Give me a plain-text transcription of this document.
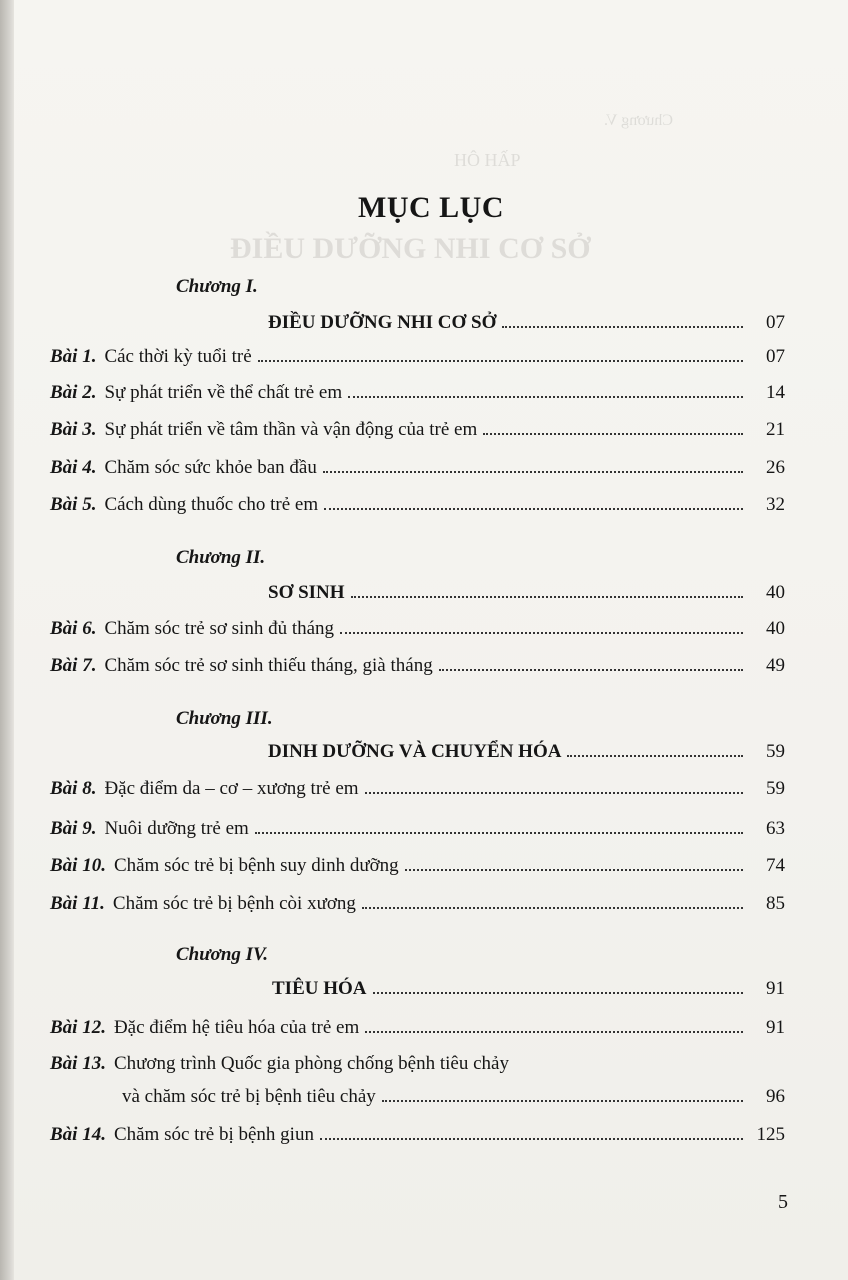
Chương V.
HÔ HẤP
ĐIỀU DƯỠNG NHI CƠ SỞ
MỤC LỤC
Chương I.
ĐIỀU DƯỠNG NHI CƠ SỞ	07
Bài 1. Các thời kỳ tuổi trẻ	07
Bài 2. Sự phát triển về thể chất trẻ em	14
Bài 3. Sự phát triển về tâm thần và vận động của trẻ em	21
Bài 4. Chăm sóc sức khỏe ban đầu	26
Bài 5. Cách dùng thuốc cho trẻ em	32
Chương II.
SƠ SINH	40
Bài 6. Chăm sóc trẻ sơ sinh đủ tháng	40
Bài 7. Chăm sóc trẻ sơ sinh thiếu tháng, già tháng	49
Chương III.
DINH DƯỠNG VÀ CHUYỂN HÓA	59
Bài 8. Đặc điểm da – cơ – xương trẻ em	59
Bài 9. Nuôi dưỡng trẻ em	63
Bài 10. Chăm sóc trẻ bị bệnh suy dinh dưỡng	74
Bài 11. Chăm sóc trẻ bị bệnh còi xương	85
Chương IV.
TIÊU HÓA	91
Bài 12. Đặc điểm hệ tiêu hóa của trẻ em	91
Bài 13. Chương trình Quốc gia phòng chống bệnh tiêu chảy
và chăm sóc trẻ bị bệnh tiêu chảy	96
Bài 14. Chăm sóc trẻ bị bệnh giun	125
5
